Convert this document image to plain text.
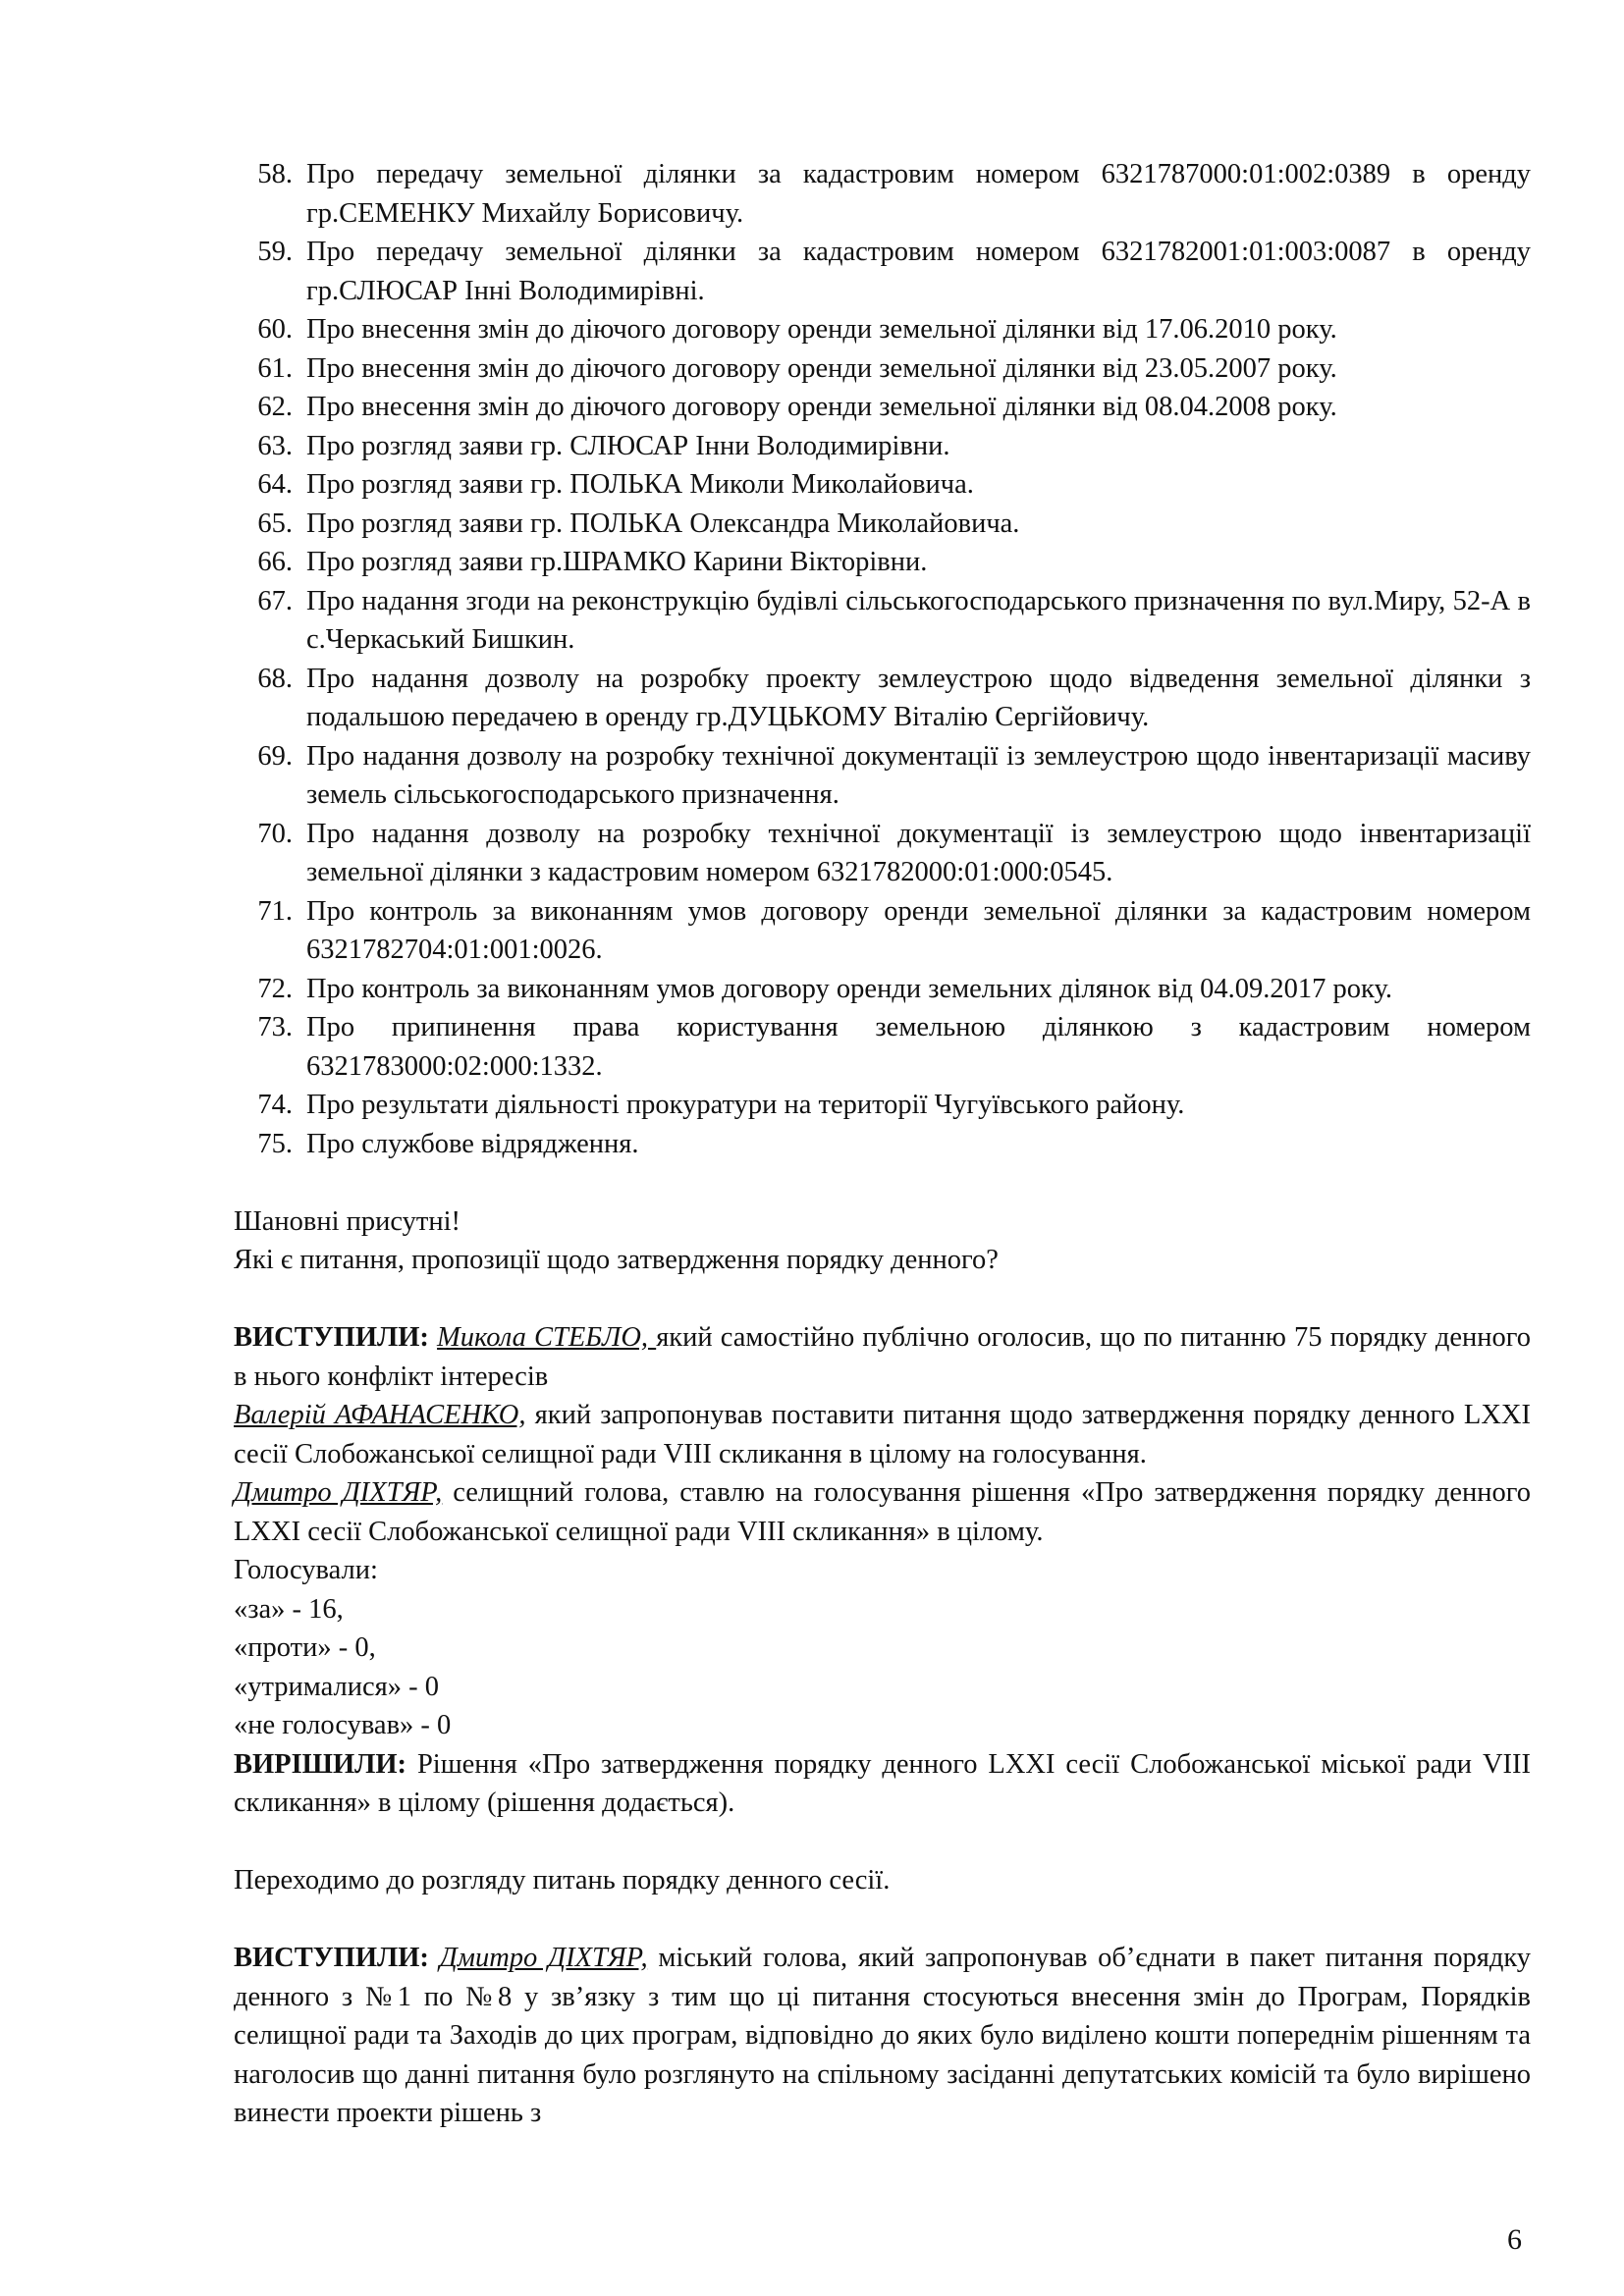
58. Про передачу земельної ділянки за кадастровим номером 6321787000:01:002:0389 в оренду гр.СЕМЕНКУ Михайлу Борисовичу.
59. Про передачу земельної ділянки за кадастровим номером 6321782001:01:003:0087 в оренду гр.СЛЮСАР Інні Володимирівні.
60. Про внесення змін до діючого договору оренди земельної ділянки від 17.06.2010 року.
61. Про внесення змін до діючого договору оренди земельної ділянки від 23.05.2007 року.
62. Про внесення змін до діючого договору оренди земельної ділянки від 08.04.2008 року.
63. Про розгляд заяви гр. СЛЮСАР Інни Володимирівни.
64. Про розгляд заяви гр. ПОЛЬКА Миколи Миколайовича.
65. Про розгляд заяви гр. ПОЛЬКА Олександра Миколайовича.
66. Про розгляд заяви гр.ШРАМКО Карини Вікторівни.
67. Про надання згоди на реконструкцію будівлі сільськогосподарського призначення по вул.Миру, 52-А в с.Черкаський Бишкин.
68. Про надання дозволу на розробку проекту землеустрою щодо відведення земельної ділянки з подальшою передачею в оренду гр.ДУЦЬКОМУ Віталію Сергійовичу.
69. Про надання дозволу на розробку технічної документації із землеустрою щодо інвентаризації масиву земель сільськогосподарського призначення.
70. Про надання дозволу на розробку технічної документації із землеустрою щодо інвентаризації земельної ділянки з кадастровим номером 6321782000:01:000:0545.
71. Про контроль за виконанням умов договору оренди земельної ділянки за кадастровим номером 6321782704:01:001:0026.
72. Про контроль за виконанням умов договору оренди земельних ділянок від 04.09.2017 року.
73. Про припинення права користування земельною ділянкою з кадастровим номером 6321783000:02:000:1332.
74. Про результати діяльності прокуратури на території Чугуївського району.
75. Про службове відрядження.

Шановні присутні!

Які є питання, пропозиції щодо затвердження порядку денного?

ВИСТУПИЛИ: Микола СТЕБЛО, який самостійно публічно оголосив, що по питанню 75 порядку денного в нього конфлікт інтересів

Валерій АФАНАСЕНКО, який запропонував поставити питання щодо затвердження порядку денного LXXI сесії Слобожанської селищної ради VIII скликання в цілому на голосування.

Дмитро ДІХТЯР, селищний голова, ставлю на голосування рішення «Про затвердження порядку денного LXXI сесії Слобожанської селищної ради VIII скликання» в цілому.

Голосували:

«за» - 16,

«проти» - 0,

«утрималися» - 0

«не голосував» - 0

ВИРІШИЛИ: Рішення «Про затвердження порядку денного LXXI сесії Слобожанської міської ради VIII скликання» в цілому (рішення додається).

Переходимо до розгляду питань порядку денного сесії.

ВИСТУПИЛИ: Дмитро ДІХТЯР, міський голова, який запропонував об’єднати в пакет питання порядку денного з №1 по №8 у зв’язку з тим що ці питання стосуються внесення змін до Програм, Порядків селищної ради та Заходів до цих програм, відповідно до яких було виділено кошти попереднім рішенням та наголосив що данні питання було розглянуто на спільному засіданні депутатських комісій та було вирішено винести проекти рішень з

6
